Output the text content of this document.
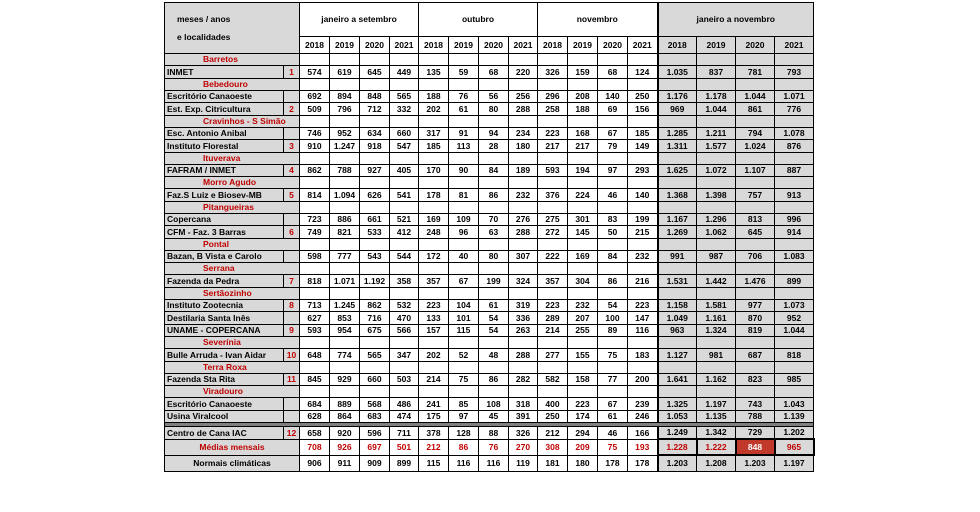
meses / anos
e localidades		janeiro a setembro				outubro				novembro				janeiro a novembro			
		2018	2019	2020	2021	2018	2019	2020	2021	2018	2019	2020	2021	2018	2019	2020	2021
Barretos																	
INMET	1	574	619	645	449	135	59	68	220	326	159	68	124	1.035	837	781	793
Bebedouro																	
Escritório Canaoeste		692	894	848	565	188	76	56	256	296	208	140	250	1.176	1.178	1.044	1.071
Est. Exp. Citricultura	2	509	796	712	332	202	61	80	288	258	188	69	156	969	1.044	861	776
Cravinhos - S Simão																	
Esc. Antonio Anibal		746	952	634	660	317	91	94	234	223	168	67	185	1.285	1.211	794	1.078
Instituto Florestal	3	910	1.247	918	547	185	113	28	180	217	217	79	149	1.311	1.577	1.024	876
Ituverava																	
FAFRAM / INMET	4	862	788	927	405	170	90	84	189	593	194	97	293	1.625	1.072	1.107	887
Morro Agudo																	
Faz.S Luiz e Biosev-MB	5	814	1.094	626	541	178	81	86	232	376	224	46	140	1.368	1.398	757	913
Pitangueiras																	
Copercana		723	886	661	521	169	109	70	276	275	301	83	199	1.167	1.296	813	996
CFM - Faz. 3 Barras	6	749	821	533	412	248	96	63	288	272	145	50	215	1.269	1.062	645	914
Pontal																	
Bazan, B Vista e Carolo		598	777	543	544	172	40	80	307	222	169	84	232	991	987	706	1.083
Serrana																	
Fazenda da Pedra	7	818	1.071	1.192	358	357	67	199	324	357	304	86	216	1.531	1.442	1.476	899
Sertãozinho																	
Instituto Zootecnia	8	713	1.245	862	532	223	104	61	319	223	232	54	223	1.158	1.581	977	1.073
Destilaria Santa Inês		627	853	716	470	133	101	54	336	289	207	100	147	1.049	1.161	870	952
UNAME - COPERCANA	9	593	954	675	566	157	115	54	263	214	255	89	116	963	1.324	819	1.044
Severínia																	
Bulle Arruda - Ivan Aidar	10	648	774	565	347	202	52	48	288	277	155	75	183	1.127	981	687	818
Terra Roxa																	
Fazenda Sta Rita	11	845	929	660	503	214	75	86	282	582	158	77	200	1.641	1.162	823	985
Viradouro																	
Escritório Canaoeste		684	889	568	486	241	85	108	318	400	223	67	239	1.325	1.197	743	1.043
Usina Viralcool		628	864	683	474	175	97	45	391	250	174	61	246	1.053	1.135	788	1.139

Centro de Cana IAC	12	658	920	596	711	378	128	88	326	212	294	46	166	1.249	1.342	729	1.202
Médias mensais		708	926	697	501	212	86	76	270	308	209	75	193	1.228	1.222	848	965
Normais climáticas		906	911	909	899	115	116	116	119	181	180	178	178	1.203	1.208	1.203	1.197
